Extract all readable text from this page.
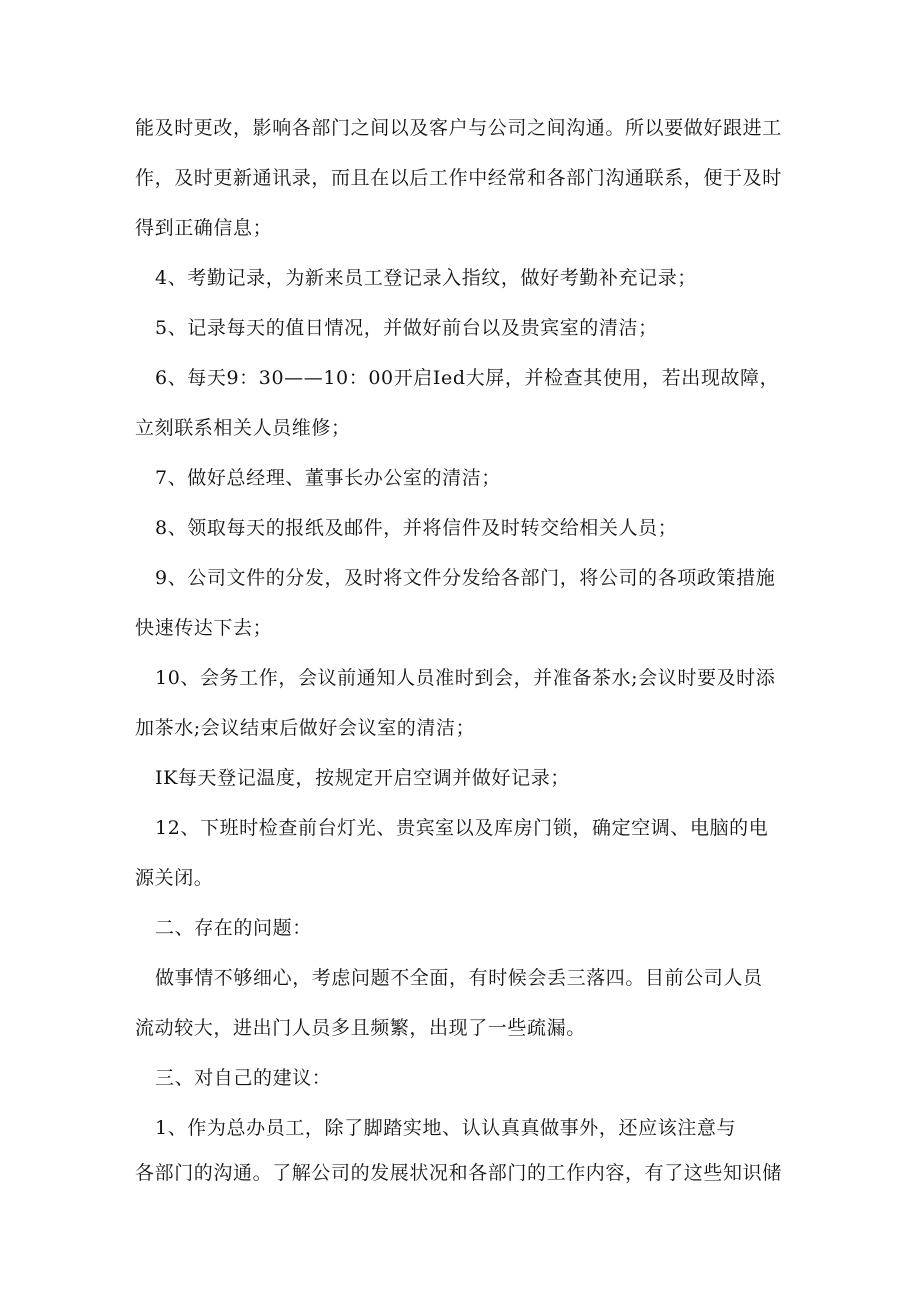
能及时更改，影响各部门之间以及客户与公司之间沟通。所以要做好跟进工
作，及时更新通讯录，而且在以后工作中经常和各部门沟通联系，便于及时
得到正确信息；
4、考勤记录，为新来员工登记录入指纹，做好考勤补充记录；
5、记录每天的值日情况，并做好前台以及贵宾室的清洁；
6、每天9：30——10：00开启Ied大屏，并检查其使用，若出现故障，
立刻联系相关人员维修；
7、做好总经理、董事长办公室的清洁；
8、领取每天的报纸及邮件，并将信件及时转交给相关人员；
9、公司文件的分发，及时将文件分发给各部门，将公司的各项政策措施
快速传达下去；
10、会务工作，会议前通知人员准时到会，并准备茶水;会议时要及时添
加茶水;会议结束后做好会议室的清洁；
IK每天登记温度，按规定开启空调并做好记录；
12、下班时检查前台灯光、贵宾室以及库房门锁，确定空调、电脑的电
源关闭。
二、存在的问题：
做事情不够细心，考虑问题不全面，有时候会丢三落四。目前公司人员
流动较大，进出门人员多且频繁，出现了一些疏漏。
三、对自己的建议：
1、作为总办员工，除了脚踏实地、认认真真做事外，还应该注意与
各部门的沟通。了解公司的发展状况和各部门的工作内容，有了这些知识储
